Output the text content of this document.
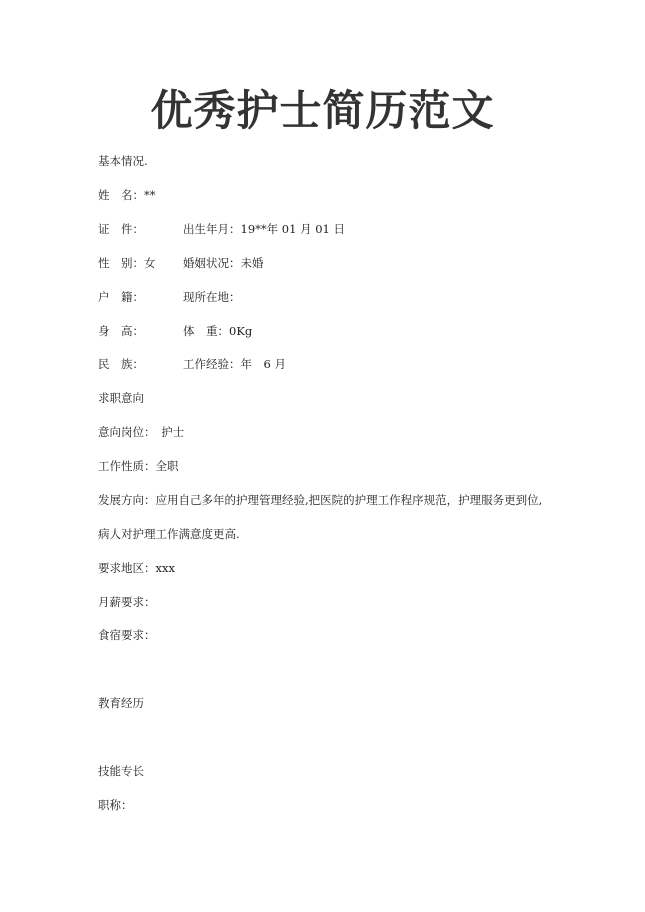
优秀护士简历范文
基本情况.
姓　名：**
证　件：	出生年月：19**年 01 月 01 日
性　别：女 婚姻状况：未婚
户　籍：	现所在地：
身　高：	体　重：0Kg
民　族：	工作经验：年　6 月
求职意向
意向岗位：　护士
工作性质：全职
发展方向：应用自己多年的护理管理经验,把医院的护理工作程序规范，护理服务更到位,
病人对护理工作满意度更高.
要求地区：xxx
月薪要求：
食宿要求：
教育经历
技能专长
职称：
